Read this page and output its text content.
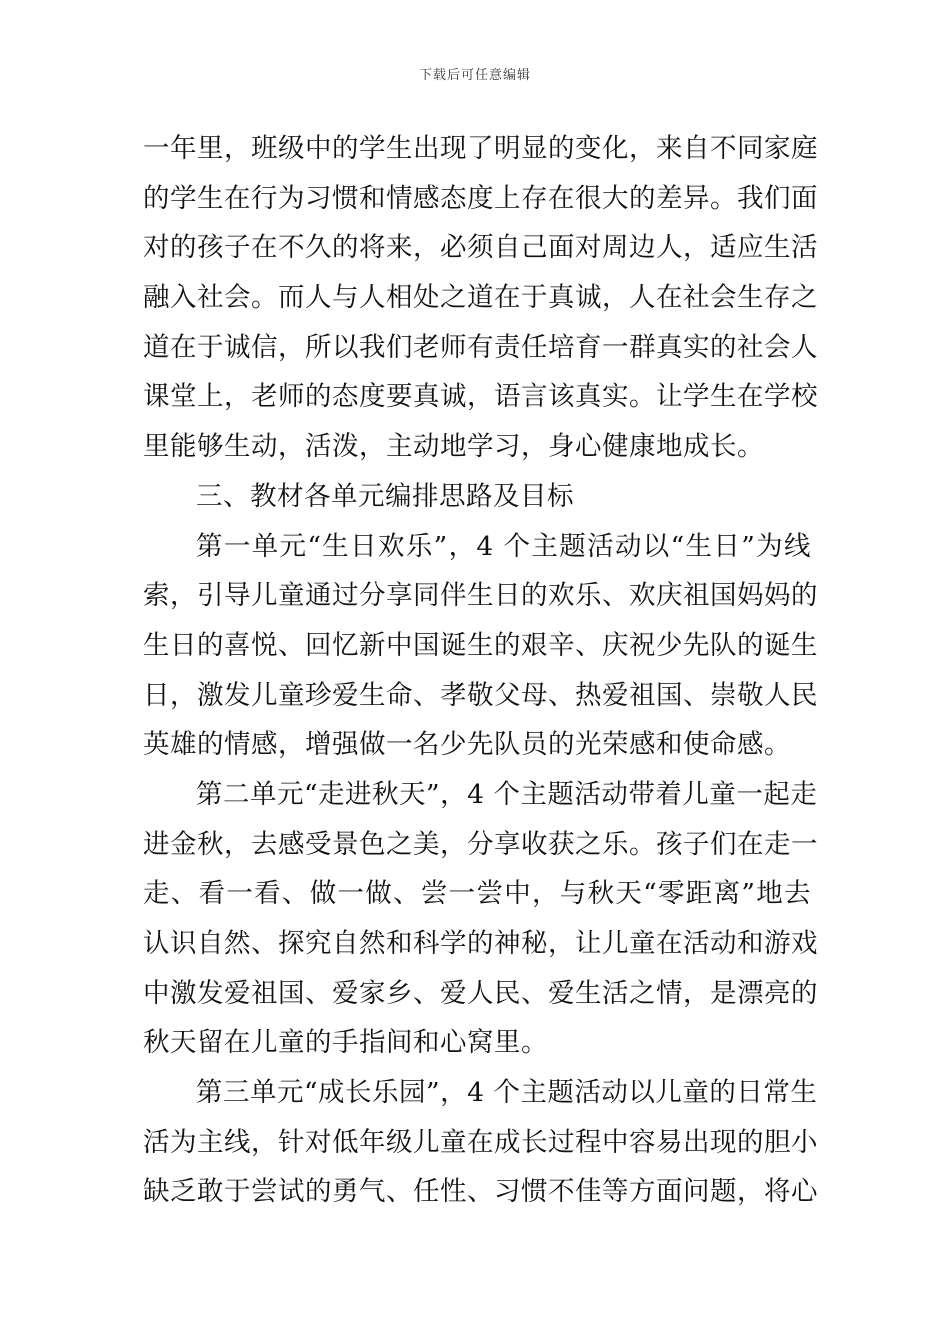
下载后可任意编辑
一年里，班级中的学生出现了明显的变化，来自不同家庭
的学生在行为习惯和情感态度上存在很大的差异。我们面
对的孩子在不久的将来，必须自己面对周边人，适应生活
融入社会。而人与人相处之道在于真诚，人在社会生存之
道在于诚信，所以我们老师有责任培育一群真实的社会人
课堂上，老师的态度要真诚，语言该真实。让学生在学校
里能够生动，活泼，主动地学习，身心健康地成长。
三、教材各单元编排思路及目标
第一单元“生日欢乐”，4 个主题活动以“生日”为线
索，引导儿童通过分享同伴生日的欢乐、欢庆祖国妈妈的
生日的喜悦、回忆新中国诞生的艰辛、庆祝少先队的诞生
日，激发儿童珍爱生命、孝敬父母、热爱祖国、崇敬人民
英雄的情感，增强做一名少先队员的光荣感和使命感。
第二单元“走进秋天”，4 个主题活动带着儿童一起走
进金秋，去感受景色之美，分享收获之乐。孩子们在走一
走、看一看、做一做、尝一尝中，与秋天“零距离”地去
认识自然、探究自然和科学的神秘，让儿童在活动和游戏
中激发爱祖国、爱家乡、爱人民、爱生活之情，是漂亮的
秋天留在儿童的手指间和心窝里。
第三单元“成长乐园”，4 个主题活动以儿童的日常生
活为主线，针对低年级儿童在成长过程中容易出现的胆小
缺乏敢于尝试的勇气、任性、习惯不佳等方面问题，将心
